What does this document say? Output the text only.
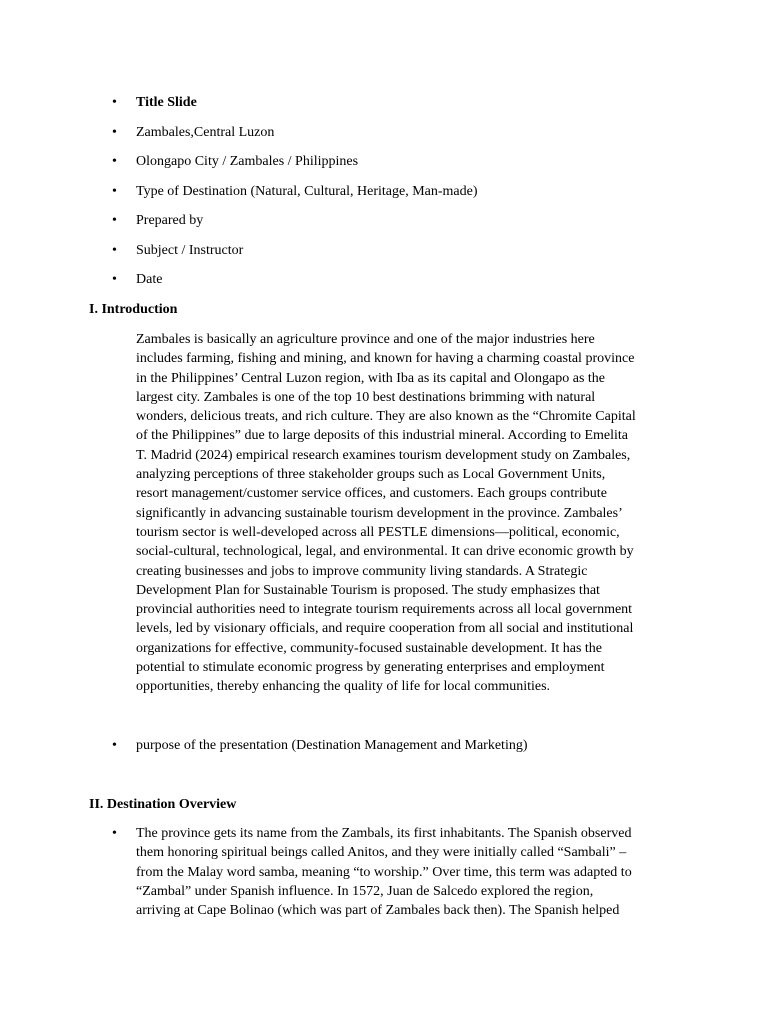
• Title Slide
• Zambales,Central Luzon
• Olongapo City / Zambales / Philippines
• Type of Destination (Natural, Cultural, Heritage, Man-made)
• Prepared by
• Subject / Instructor
• Date
I. Introduction
Zambales is basically an agriculture province and one of the major industries here
includes farming, fishing and mining, and known for having a charming coastal province
in the Philippines’ Central Luzon region, with Iba as its capital and Olongapo as the
largest city. Zambales is one of the top 10 best destinations brimming with natural
wonders, delicious treats, and rich culture. They are also known as the “Chromite Capital
of the Philippines” due to large deposits of this industrial mineral. According to Emelita
T. Madrid (2024) empirical research examines tourism development study on Zambales,
analyzing perceptions of three stakeholder groups such as Local Government Units,
resort management/customer service offices, and customers. Each groups contribute
significantly in advancing sustainable tourism development in the province. Zambales’
tourism sector is well-developed across all PESTLE dimensions—political, economic,
social-cultural, technological, legal, and environmental. It can drive economic growth by
creating businesses and jobs to improve community living standards. A Strategic
Development Plan for Sustainable Tourism is proposed. The study emphasizes that
provincial authorities need to integrate tourism requirements across all local government
levels, led by visionary officials, and require cooperation from all social and institutional
organizations for effective, community-focused sustainable development. It has the
potential to stimulate economic progress by generating enterprises and employment
opportunities, thereby enhancing the quality of life for local communities.
• purpose of the presentation (Destination Management and Marketing)
II. Destination Overview
• The province gets its name from the Zambals, its first inhabitants. The Spanish observed
them honoring spiritual beings called Anitos, and they were initially called “Sambali” –
from the Malay word samba, meaning “to worship.” Over time, this term was adapted to
“Zambal” under Spanish influence. In 1572, Juan de Salcedo explored the region,
arriving at Cape Bolinao (which was part of Zambales back then). The Spanish helped
